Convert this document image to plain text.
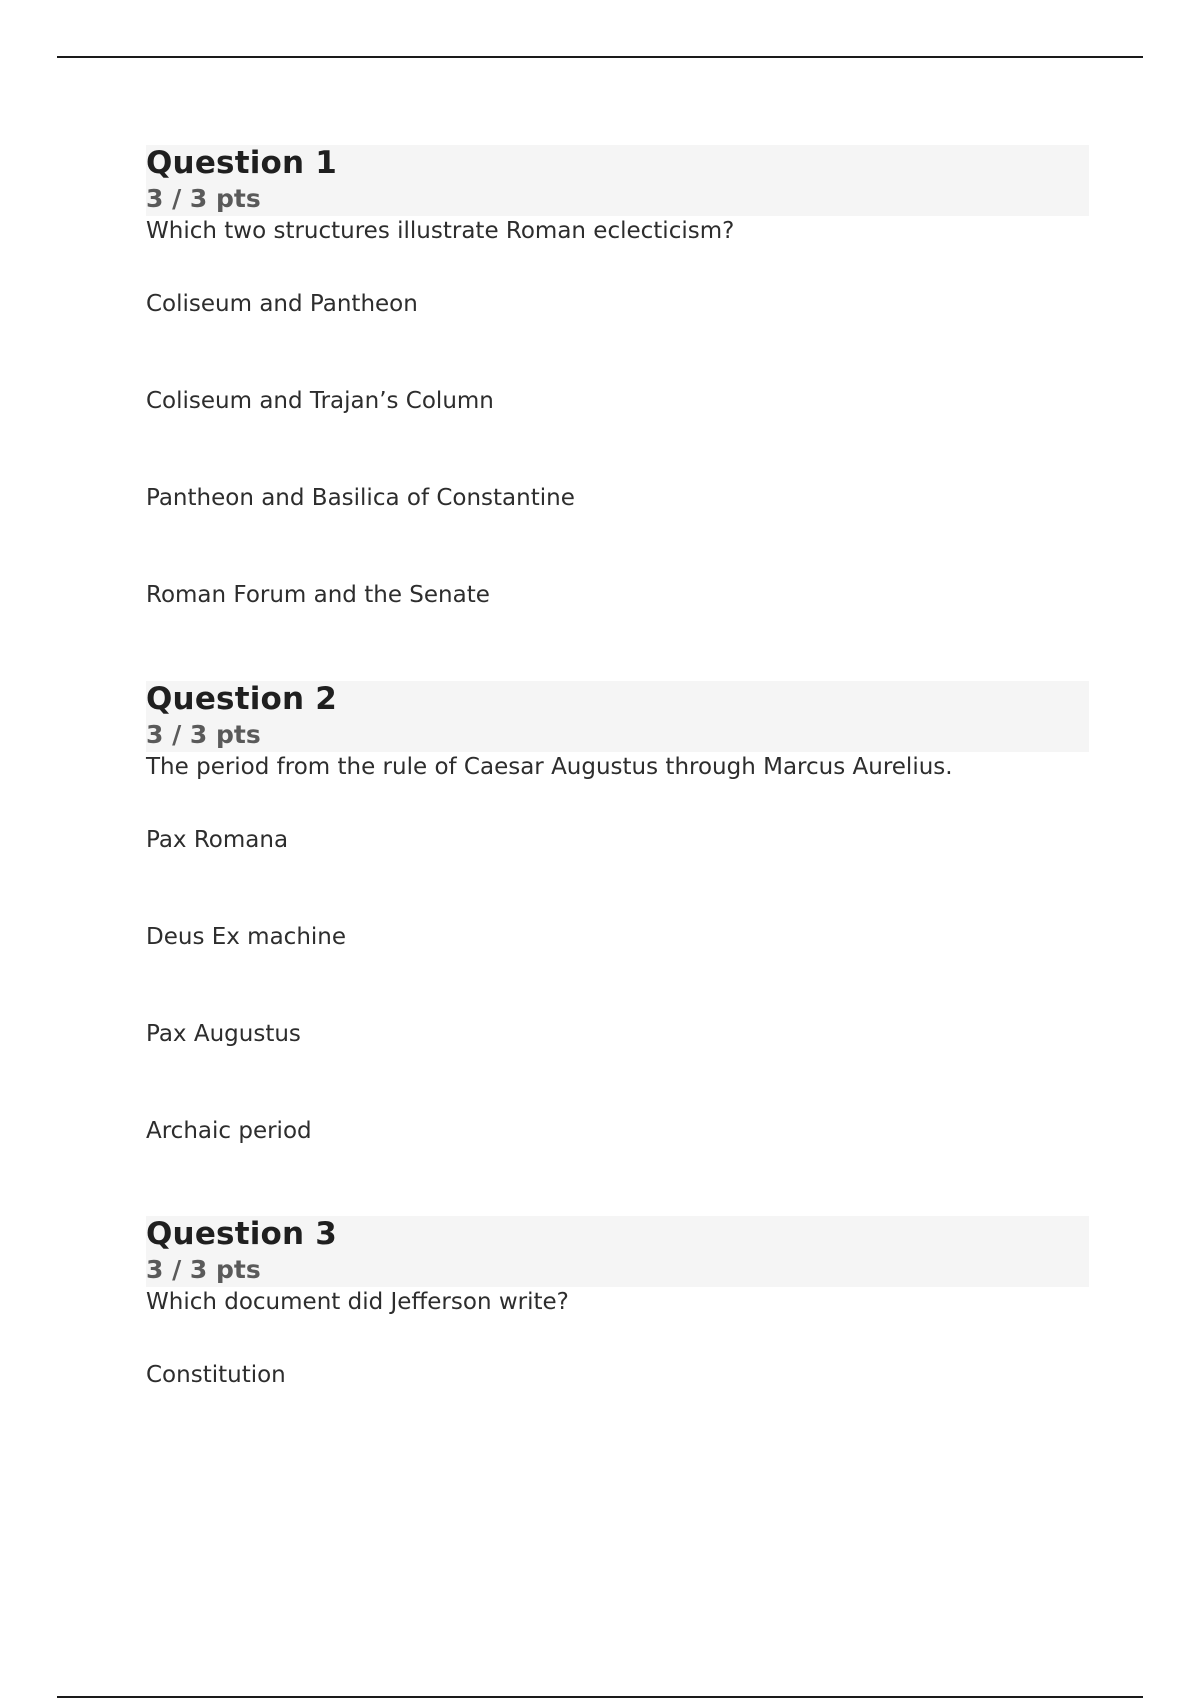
Question 1
3 / 3 pts
Which two structures illustrate Roman eclecticism?
Coliseum and Pantheon
Coliseum and Trajan’s Column
Pantheon and Basilica of Constantine
Roman Forum and the Senate
Question 2
3 / 3 pts
The period from the rule of Caesar Augustus through Marcus Aurelius.
Pax Romana
Deus Ex machine
Pax Augustus
Archaic period
Question 3
3 / 3 pts
Which document did Jefferson write?
Constitution
